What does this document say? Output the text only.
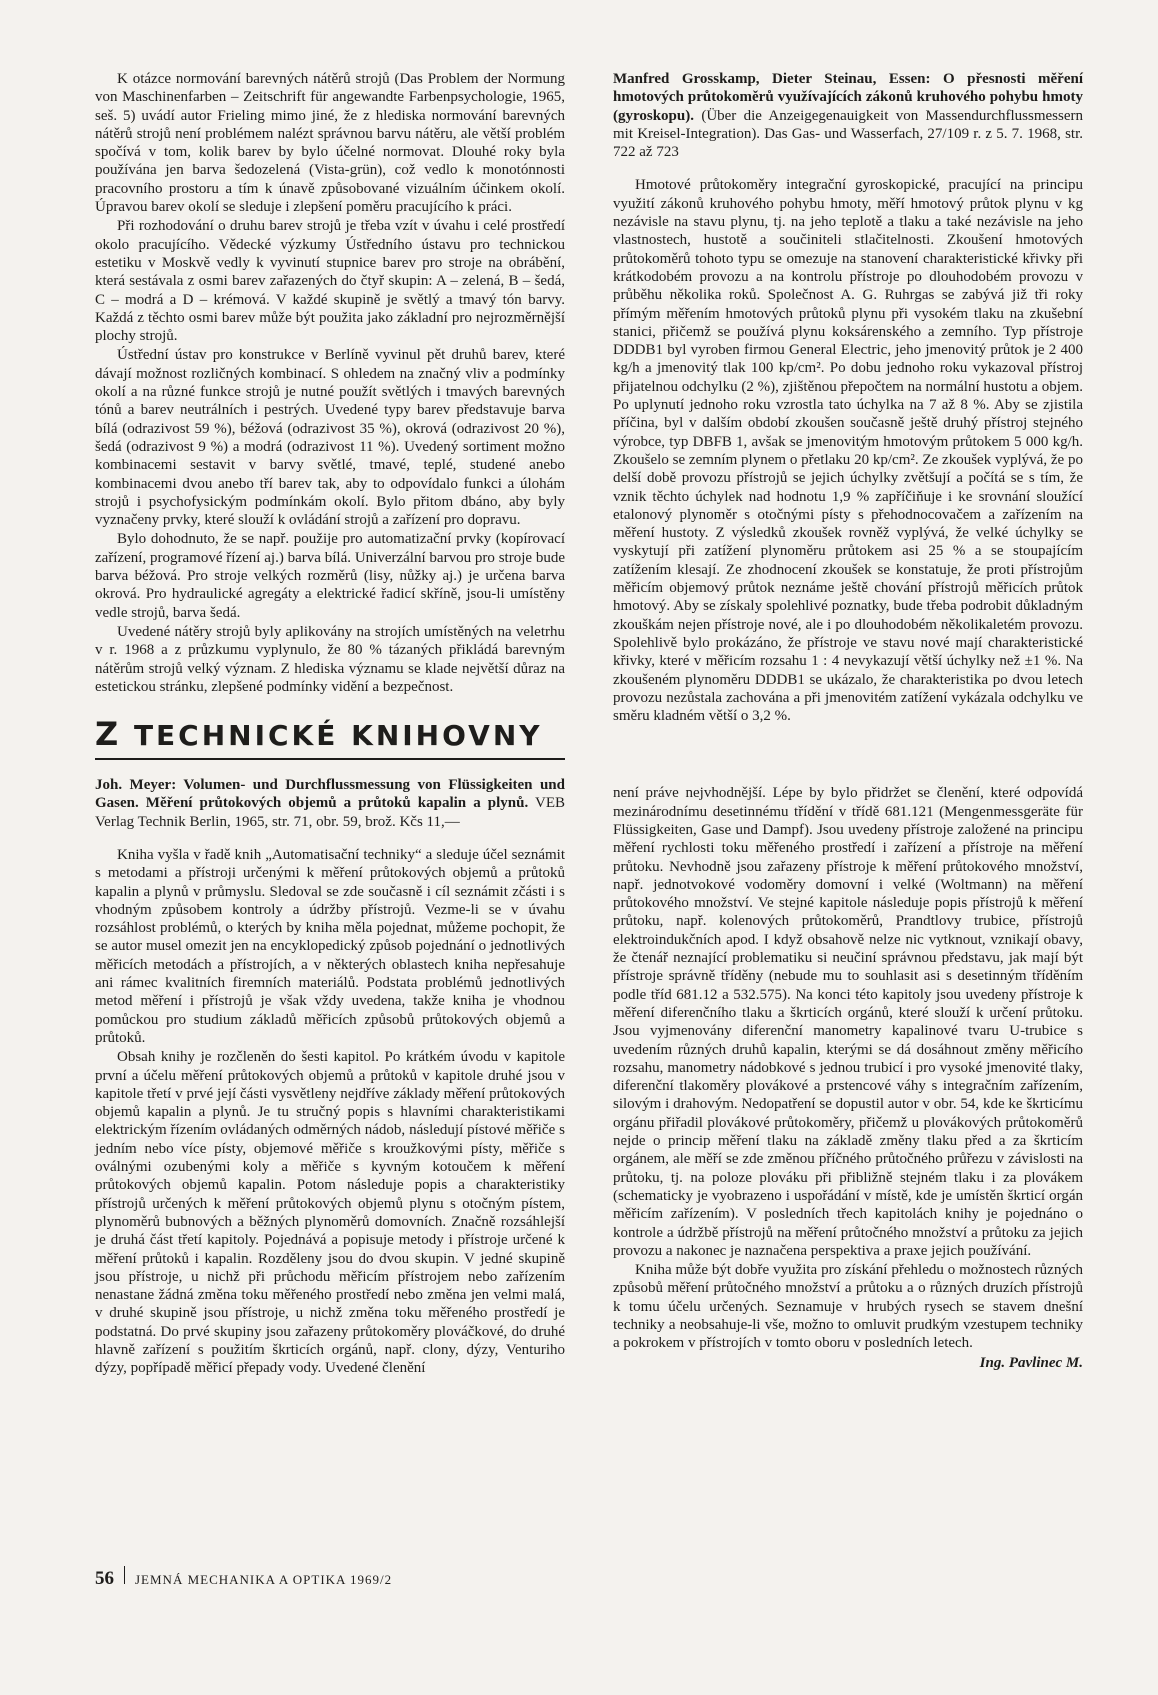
K otázce normování barevných nátěrů strojů (Das Problem der Normung von Maschinenfarben – Zeitschrift für angewandte Farbenpsychologie, 1965, seš. 5) uvádí autor Frieling mimo jiné, že z hlediska normování barevných nátěrů strojů není problémem nalézt správnou barvu nátěru, ale větší problém spočívá v tom, kolik barev by bylo účelné normovat. Dlouhé roky byla používána jen barva šedozelená (Vista-grün), což vedlo k monotónnosti pracovního prostoru a tím k únavě způsobované vizuálním účinkem okolí. Úpravou barev okolí se sleduje i zlepšení poměru pracujícího k práci.

Při rozhodování o druhu barev strojů je třeba vzít v úvahu i celé prostředí okolo pracujícího. Vědecké výzkumy Ústředního ústavu pro technickou estetiku v Moskvě vedly k vyvinutí stupnice barev pro stroje na obrábění, která sestávala z osmi barev zařazených do čtyř skupin: A – zelená, B – šedá, C – modrá a D – krémová. V každé skupině je světlý a tmavý tón barvy. Každá z těchto osmi barev může být použita jako základní pro nejrozměrnější plochy strojů.

Ústřední ústav pro konstrukce v Berlíně vyvinul pět druhů barev, které dávají možnost rozličných kombinací. S ohledem na značný vliv a podmínky okolí a na různé funkce strojů je nutné použít světlých i tmavých barevných tónů a barev neutrálních i pestrých. Uvedené typy barev představuje barva bílá (odrazivost 59 %), béžová (odrazivost 35 %), okrová (odrazivost 20 %), šedá (odrazivost 9 %) a modrá (odrazivost 11 %). Uvedený sortiment možno kombinacemi sestavit v barvy světlé, tmavé, teplé, studené anebo kombinacemi dvou anebo tří barev tak, aby to odpovídalo funkci a úlohám strojů i psychofysickým podmínkám okolí. Bylo přitom dbáno, aby byly vyznačeny prvky, které slouží k ovládání strojů a zařízení pro dopravu.

Bylo dohodnuto, že se např. použije pro automatizační prvky (kopírovací zařízení, programové řízení aj.) barva bílá. Univerzální barvou pro stroje bude barva béžová. Pro stroje velkých rozměrů (lisy, nůžky aj.) je určena barva okrová. Pro hydraulické agregáty a elektrické řadicí skříně, jsou-li umístěny vedle strojů, barva šedá.

Uvedené nátěry strojů byly aplikovány na strojích umístěných na veletrhu v r. 1968 a z průzkumu vyplynulo, že 80 % tázaných přikládá barevným nátěrům strojů velký význam. Z hlediska významu se klade největší důraz na estetickou stránku, zlepšené podmínky vidění a bezpečnost.

Z TECHNICKÉ KNIHOVNY

Joh. Meyer: Volumen- und Durchflussmessung von Flüssigkeiten und Gasen. Měření průtokových objemů a průtoků kapalin a plynů. VEB Verlag Technik Berlin, 1965, str. 71, obr. 59, brož. Kčs 11,—

Kniha vyšla v řadě knih „Automatisační techniky“ a sleduje účel seznámit s metodami a přístroji určenými k měření průtokových objemů a průtoků kapalin a plynů v průmyslu. Sledoval se zde současně i cíl seznámit zčásti i s vhodným způsobem kontroly a údržby přístrojů. Vezme-li se v úvahu rozsáhlost problémů, o kterých by kniha měla pojednat, můžeme pochopit, že se autor musel omezit jen na encyklopedický způsob pojednání o jednotlivých měřicích metodách a přístrojích, a v některých oblastech kniha nepřesahuje ani rámec kvalitních firemních materiálů. Podstata problémů jednotlivých metod měření i přístrojů je však vždy uvedena, takže kniha je vhodnou pomůckou pro studium základů měřicích způsobů průtokových objemů a průtoků.

Obsah knihy je rozčleněn do šesti kapitol. Po krátkém úvodu v kapitole první a účelu měření průtokových objemů a průtoků v kapitole druhé jsou v kapitole třetí v prvé její části vysvětleny nejdříve základy měření průtokových objemů kapalin a plynů. Je tu stručný popis s hlavními charakteristikami elektrickým řízením ovládaných odměrných nádob, následují pístové měřiče s jedním nebo více písty, objemové měřiče s kroužkovými písty, měřiče s oválnými ozubenými koly a měřiče s kyvným kotoučem k měření průtokových objemů kapalin. Potom následuje popis a charakteristiky přístrojů určených k měření průtokových objemů plynu s otočným pístem, plynoměrů bubnových a běžných plynoměrů domovních. Značně rozsáhlejší je druhá část třetí kapitoly. Pojednává a popisuje metody i přístroje určené k měření průtoků i kapalin. Rozděleny jsou do dvou skupin. V jedné skupině jsou přístroje, u nichž při průchodu měřicím přístrojem nebo zařízením nenastane žádná změna toku měřeného prostředí nebo změna jen velmi malá, v druhé skupině jsou přístroje, u nichž změna toku měřeného prostředí je podstatná. Do prvé skupiny jsou zařazeny průtokoměry plováčkové, do druhé hlavně zařízení s použitím škrticích orgánů, např. clony, dýzy, Venturiho dýzy, popřípadě měřicí přepady vody. Uvedené členění

Manfred Grosskamp, Dieter Steinau, Essen: O přesnosti měření hmotových průtokoměrů využívajících zákonů kruhového pohybu hmoty (gyroskopu). (Über die Anzeigegenauigkeit von Massendurchflussmessern mit Kreisel-Integration). Das Gas- und Wasserfach, 27/109 r. z 5. 7. 1968, str. 722 až 723

Hmotové průtokoměry integrační gyroskopické, pracující na principu využití zákonů kruhového pohybu hmoty, měří hmotový průtok plynu v kg nezávisle na stavu plynu, tj. na jeho teplotě a tlaku a také nezávisle na jeho vlastnostech, hustotě a součiniteli stlačitelnosti. Zkoušení hmotových průtokoměrů tohoto typu se omezuje na stanovení charakteristické křivky při krátkodobém provozu a na kontrolu přístroje po dlouhodobém provozu v průběhu několika roků. Společnost A. G. Ruhrgas se zabývá již tři roky přímým měřením hmotových průtoků plynu při vysokém tlaku na zkušební stanici, přičemž se používá plynu koksárenského a zemního. Typ přístroje DDDB1 byl vyroben firmou General Electric, jeho jmenovitý průtok je 2 400 kg/h a jmenovitý tlak 100 kp/cm². Po dobu jednoho roku vykazoval přístroj přijatelnou odchylku (2 %), zjištěnou přepočtem na normální hustotu a objem. Po uplynutí jednoho roku vzrostla tato úchylka na 7 až 8 %. Aby se zjistila příčina, byl v dalším období zkoušen současně ještě druhý přístroj stejného výrobce, typ DBFB 1, avšak se jmenovitým hmotovým průtokem 5 000 kg/h. Zkoušelo se zemním plynem o přetlaku 20 kp/cm². Ze zkoušek vyplývá, že po delší době provozu přístrojů se jejich úchylky zvětšují a počítá se s tím, že vznik těchto úchylek nad hodnotu 1,9 % zapříčiňuje i ke srovnání sloužící etalonový plynoměr s otočnými písty s přehodnocovačem a zařízením na měření hustoty. Z výsledků zkoušek rovněž vyplývá, že velké úchylky se vyskytují při zatížení plynoměru průtokem asi 25 % a se stoupajícím zatížením klesají. Ze zhodnocení zkoušek se konstatuje, že proti přístrojům měřicím objemový průtok neznáme ještě chování přístrojů měřicích průtok hmotový. Aby se získaly spolehlivé poznatky, bude třeba podrobit důkladným zkouškám nejen přístroje nové, ale i po dlouhodobém několikaletém provozu. Spolehlivě bylo prokázáno, že přístroje ve stavu nové mají charakteristické křivky, které v měřicím rozsahu 1 : 4 nevykazují větší úchylky než ±1 %. Na zkoušeném plynoměru DDDB1 se ukázalo, že charakteristika po dvou letech provozu nezůstala zachována a při jmenovitém zatížení vykázala odchylku ve směru kladném větší o 3,2 %.

není práve nejvhodnější. Lépe by bylo přidržet se členění, které odpovídá mezinárodnímu desetinnému třídění v třídě 681.121 (Mengenmessgeräte für Flüssigkeiten, Gase und Dampf). Jsou uvedeny přístroje založené na principu měření rychlosti toku měřeného prostředí i zařízení a přístroje na měření průtoku. Nevhodně jsou zařazeny přístroje k měření průtokového množství, např. jednotvokové vodoměry domovní i velké (Woltmann) na měření průtokového množství. Ve stejné kapitole následuje popis přístrojů k měření průtoku, např. kolenových průtokoměrů, Prandtlovy trubice, přístrojů elektroindukčních apod. I když obsahově nelze nic vytknout, vznikají obavy, že čtenář neznající problematiku si neučiní správnou představu, jak mají být přístroje správně tříděny (nebude mu to souhlasit asi s desetinným tříděním podle tříd 681.12 a 532.575). Na konci této kapitoly jsou uvedeny přístroje k měření diferenčního tlaku a škrticích orgánů, které slouží k určení průtoku. Jsou vyjmenovány diferenční manometry kapalinové tvaru U-trubice s uvedením různých druhů kapalin, kterými se dá dosáhnout změny měřicího rozsahu, manometry nádobkové s jednou trubicí i pro vysoké jmenovité tlaky, diferenční tlakoměry plovákové a prstencové váhy s integračním zařízením, silovým i drahovým. Nedopatření se dopustil autor v obr. 54, kde ke škrticímu orgánu přiřadil plovákové průtokoměry, přičemž u plovákových průtokoměrů nejde o princip měření tlaku na základě změny tlaku před a za škrticím orgánem, ale měří se zde změnou příčného průtočného průřezu v závislosti na průtoku, tj. na poloze plováku při přibližně stejném tlaku i za plovákem (schematicky je vyobrazeno i uspořádání v místě, kde je umístěn škrticí orgán měřicím zařízením). V posledních třech kapitolách knihy je pojednáno o kontrole a údržbě přístrojů na měření průtočného množství a průtoku za jejich provozu a nakonec je naznačena perspektiva a praxe jejich používání.

Kniha může být dobře využita pro získání přehledu o možnostech různých způsobů měření průtočného množství a průtoku a o různých druzích přístrojů k tomu účelu určených. Seznamuje v hrubých rysech se stavem dnešní techniky a neobsahuje-li vše, možno to omluvit prudkým vzestupem techniky a pokrokem v přístrojích v tomto oboru v posledních letech.

Ing. Pavlinec M.
56 JEMNÁ MECHANIKA A OPTIKA 1969/2
